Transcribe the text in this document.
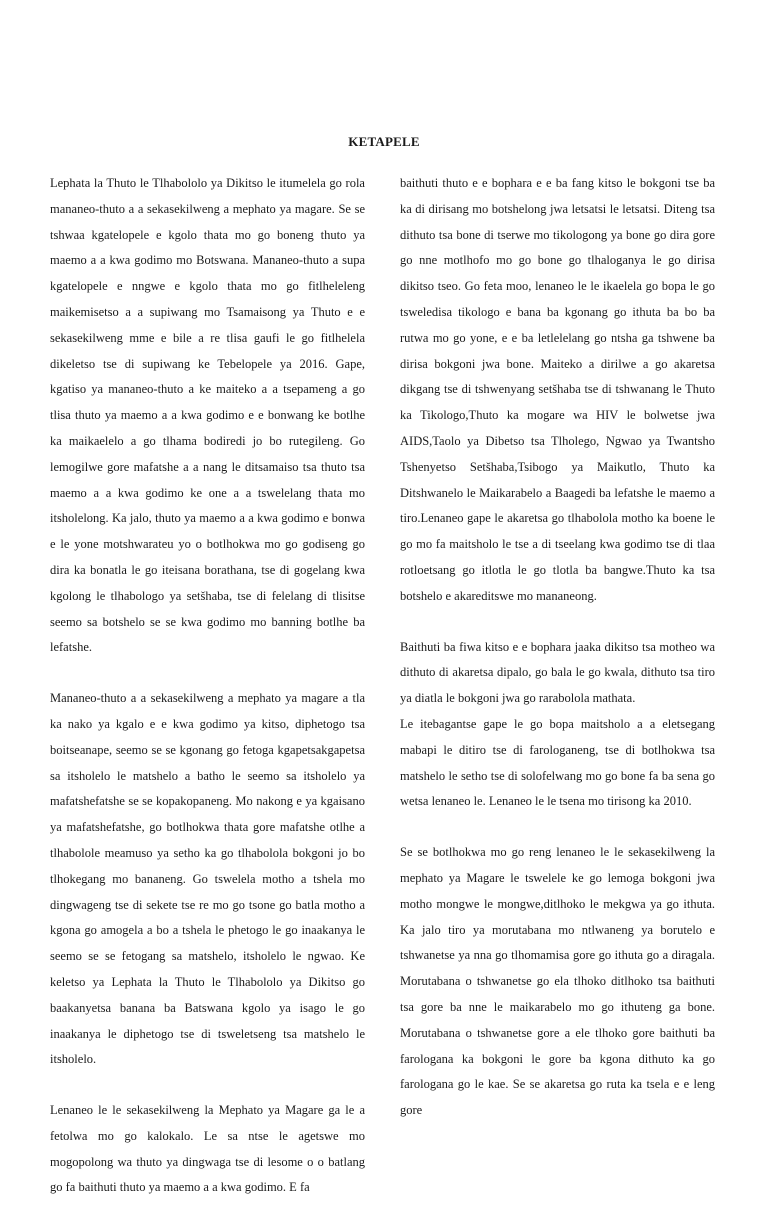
KETAPELE

Lephata la Thuto le Tlhabololo ya Dikitso le itumelela go rola mananeo-thuto a a sekasekilweng a mephato ya magare. Se se tshwaa kgatelopele e kgolo thata mo go boneng thuto ya maemo a a kwa godimo mo Botswana. Mananeo-thuto a supa kgatelopele e nngwe e kgolo thata mo go fitlheleleng maikemisetso a a supiwang mo Tsamaisong ya Thuto e e sekasekilweng mme e bile a re tlisa gaufi le go fitlhelela dikeletso tse di supiwang ke Tebelopele ya 2016. Gape, kgatiso ya mananeo-thuto a ke maiteko a a tsepameng a go tlisa thuto ya maemo a a kwa godimo e e bonwang ke botlhe ka maikaelelo a go tlhama bodiredi jo bo rutegileng. Go lemogilwe gore mafatshe a a nang le ditsamaiso tsa thuto tsa maemo a a kwa godimo ke one a a tswelelang thata mo itsholelong. Ka jalo, thuto ya maemo a a kwa godimo e bonwa e le yone motshwarateu yo o botlhokwa mo go godiseng go dira ka bonatla le go iteisana borathana, tse di gogelang kwa kgolong le tlhabologo ya setšhaba, tse di felelang di tlisitse seemo sa botshelo se se kwa godimo mo banning botlhe ba lefatshe.

Mananeo-thuto a a sekasekilweng a mephato ya magare a tla ka nako ya kgalo e e kwa godimo ya kitso, diphetogo tsa boitseanape, seemo se se kgonang go fetoga kgapetsakgapetsa sa itsholelo le matshelo a batho le seemo sa itsholelo ya mafatshefatshe se se kopakopaneng. Mo nakong e ya kgaisano ya mafatshefatshe, go botlhokwa thata gore mafatshe otlhe a tlhabolole meamuso ya setho ka go tlhabolola bokgoni jo bo tlhokegang mo bananeng. Go tswelela motho a tshela mo dingwageng tse di sekete tse re mo go tsone go batla motho a kgona go amogela a bo a tshela le phetogo le go inaakanya le seemo se se fetogang sa matshelo, itsholelo le ngwao. Ke keletso ya Lephata la Thuto le Tlhabololo ya Dikitso go baakanyetsa banana ba Batswana kgolo ya isago le go inaakanya le diphetogo tse di tsweletseng tsa matshelo le itsholelo.

Lenaneo le le sekasekilweng la Mephato ya Magare ga le a fetolwa mo go kalokalo. Le sa ntse le agetswe mo mogopolong wa thuto ya dingwaga tse di lesome o o batlang go fa baithuti thuto ya maemo a a kwa godimo. E fa

baithuti thuto e e bophara e e ba fang kitso le bokgoni tse ba ka di dirisang mo botshelong jwa letsatsi le letsatsi. Diteng tsa dithuto tsa bone di tserwe mo tikologong ya bone go dira gore go nne motlhofo mo go bone go tlhaloganya le go dirisa dikitso tseo. Go feta moo, lenaneo le le ikaelela go bopa le go tsweledisa tikologo e bana ba kgonang go ithuta ba bo ba rutwa mo go yone, e e ba letlelelang go ntsha ga tshwene ba dirisa bokgoni jwa bone. Maiteko a dirilwe a go akaretsa dikgang tse di tshwenyang setšhaba tse di tshwanang le Thuto ka Tikologo,Thuto ka mogare wa HIV le bolwetse jwa AIDS,Taolo ya Dibetso tsa Tlholego, Ngwao ya Twantsho Tshenyetso Setšhaba,Tsibogo ya Maikutlo, Thuto ka Ditshwanelo le Maikarabelo a Baagedi ba lefatshe le maemo a tiro.Lenaneo gape le akaretsa go tlhabolola motho ka boene le go mo fa maitsholo le tse a di tseelang kwa godimo tse di tlaa rotloetsang go itlotla le go tlotla ba bangwe.Thuto ka tsa botshelo e akareditswe mo mananeong.

Baithuti ba fiwa kitso e e bophara jaaka dikitso tsa motheo wa dithuto di akaretsa dipalo, go bala le go kwala, dithuto tsa tiro ya diatla le bokgoni jwa go rarabolola mathata.

Le itebagantse gape le go bopa maitsholo a a eletsegang mabapi le ditiro tse di farologaneng, tse di botlhokwa tsa matshelo le setho tse di solofelwang mo go bone fa ba sena go wetsa lenaneo le. Lenaneo le le tsena mo tirisong ka 2010.

Se se botlhokwa mo go reng lenaneo le le sekasekilweng la mephato ya Magare le tswelele ke go lemoga bokgoni jwa motho mongwe le mongwe,ditlhoko le mekgwa ya go ithuta. Ka jalo tiro ya morutabana mo ntlwaneng ya borutelo e tshwanetse ya nna go tlhomamisa gore go ithuta go a diragala. Morutabana o tshwanetse go ela tlhoko ditlhoko tsa baithuti tsa gore ba nne le maikarabelo mo go ithuteng ga bone. Morutabana o tshwanetse gore a ele tlhoko gore baithuti ba farologana ka bokgoni le gore ba kgona dithuto ka go farologana go le kae. Se se akaretsa go ruta ka tsela e e leng gore
